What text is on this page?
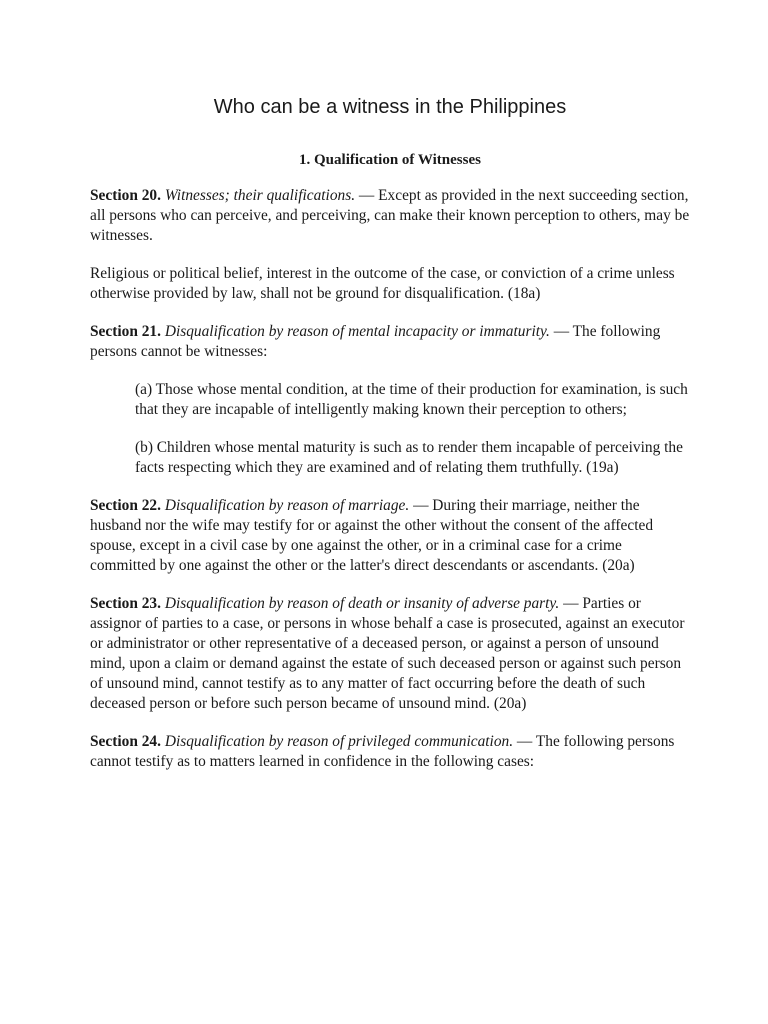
Who can be a witness in the Philippines
1. Qualification of Witnesses

Section 20. Witnesses; their qualifications. — Except as provided in the next succeeding section, all persons who can perceive, and perceiving, can make their known perception to others, may be witnesses.

Religious or political belief, interest in the outcome of the case, or conviction of a crime unless otherwise provided by law, shall not be ground for disqualification. (18a)

Section 21. Disqualification by reason of mental incapacity or immaturity. — The following persons cannot be witnesses:

(a) Those whose mental condition, at the time of their production for examination, is such that they are incapable of intelligently making known their perception to others;

(b) Children whose mental maturity is such as to render them incapable of perceiving the facts respecting which they are examined and of relating them truthfully. (19a)

Section 22. Disqualification by reason of marriage. — During their marriage, neither the husband nor the wife may testify for or against the other without the consent of the affected spouse, except in a civil case by one against the other, or in a criminal case for a crime committed by one against the other or the latter's direct descendants or ascendants. (20a)

Section 23. Disqualification by reason of death or insanity of adverse party. — Parties or assignor of parties to a case, or persons in whose behalf a case is prosecuted, against an executor or administrator or other representative of a deceased person, or against a person of unsound mind, upon a claim or demand against the estate of such deceased person or against such person of unsound mind, cannot testify as to any matter of fact occurring before the death of such deceased person or before such person became of unsound mind. (20a)

Section 24. Disqualification by reason of privileged communication. — The following persons cannot testify as to matters learned in confidence in the following cases:
